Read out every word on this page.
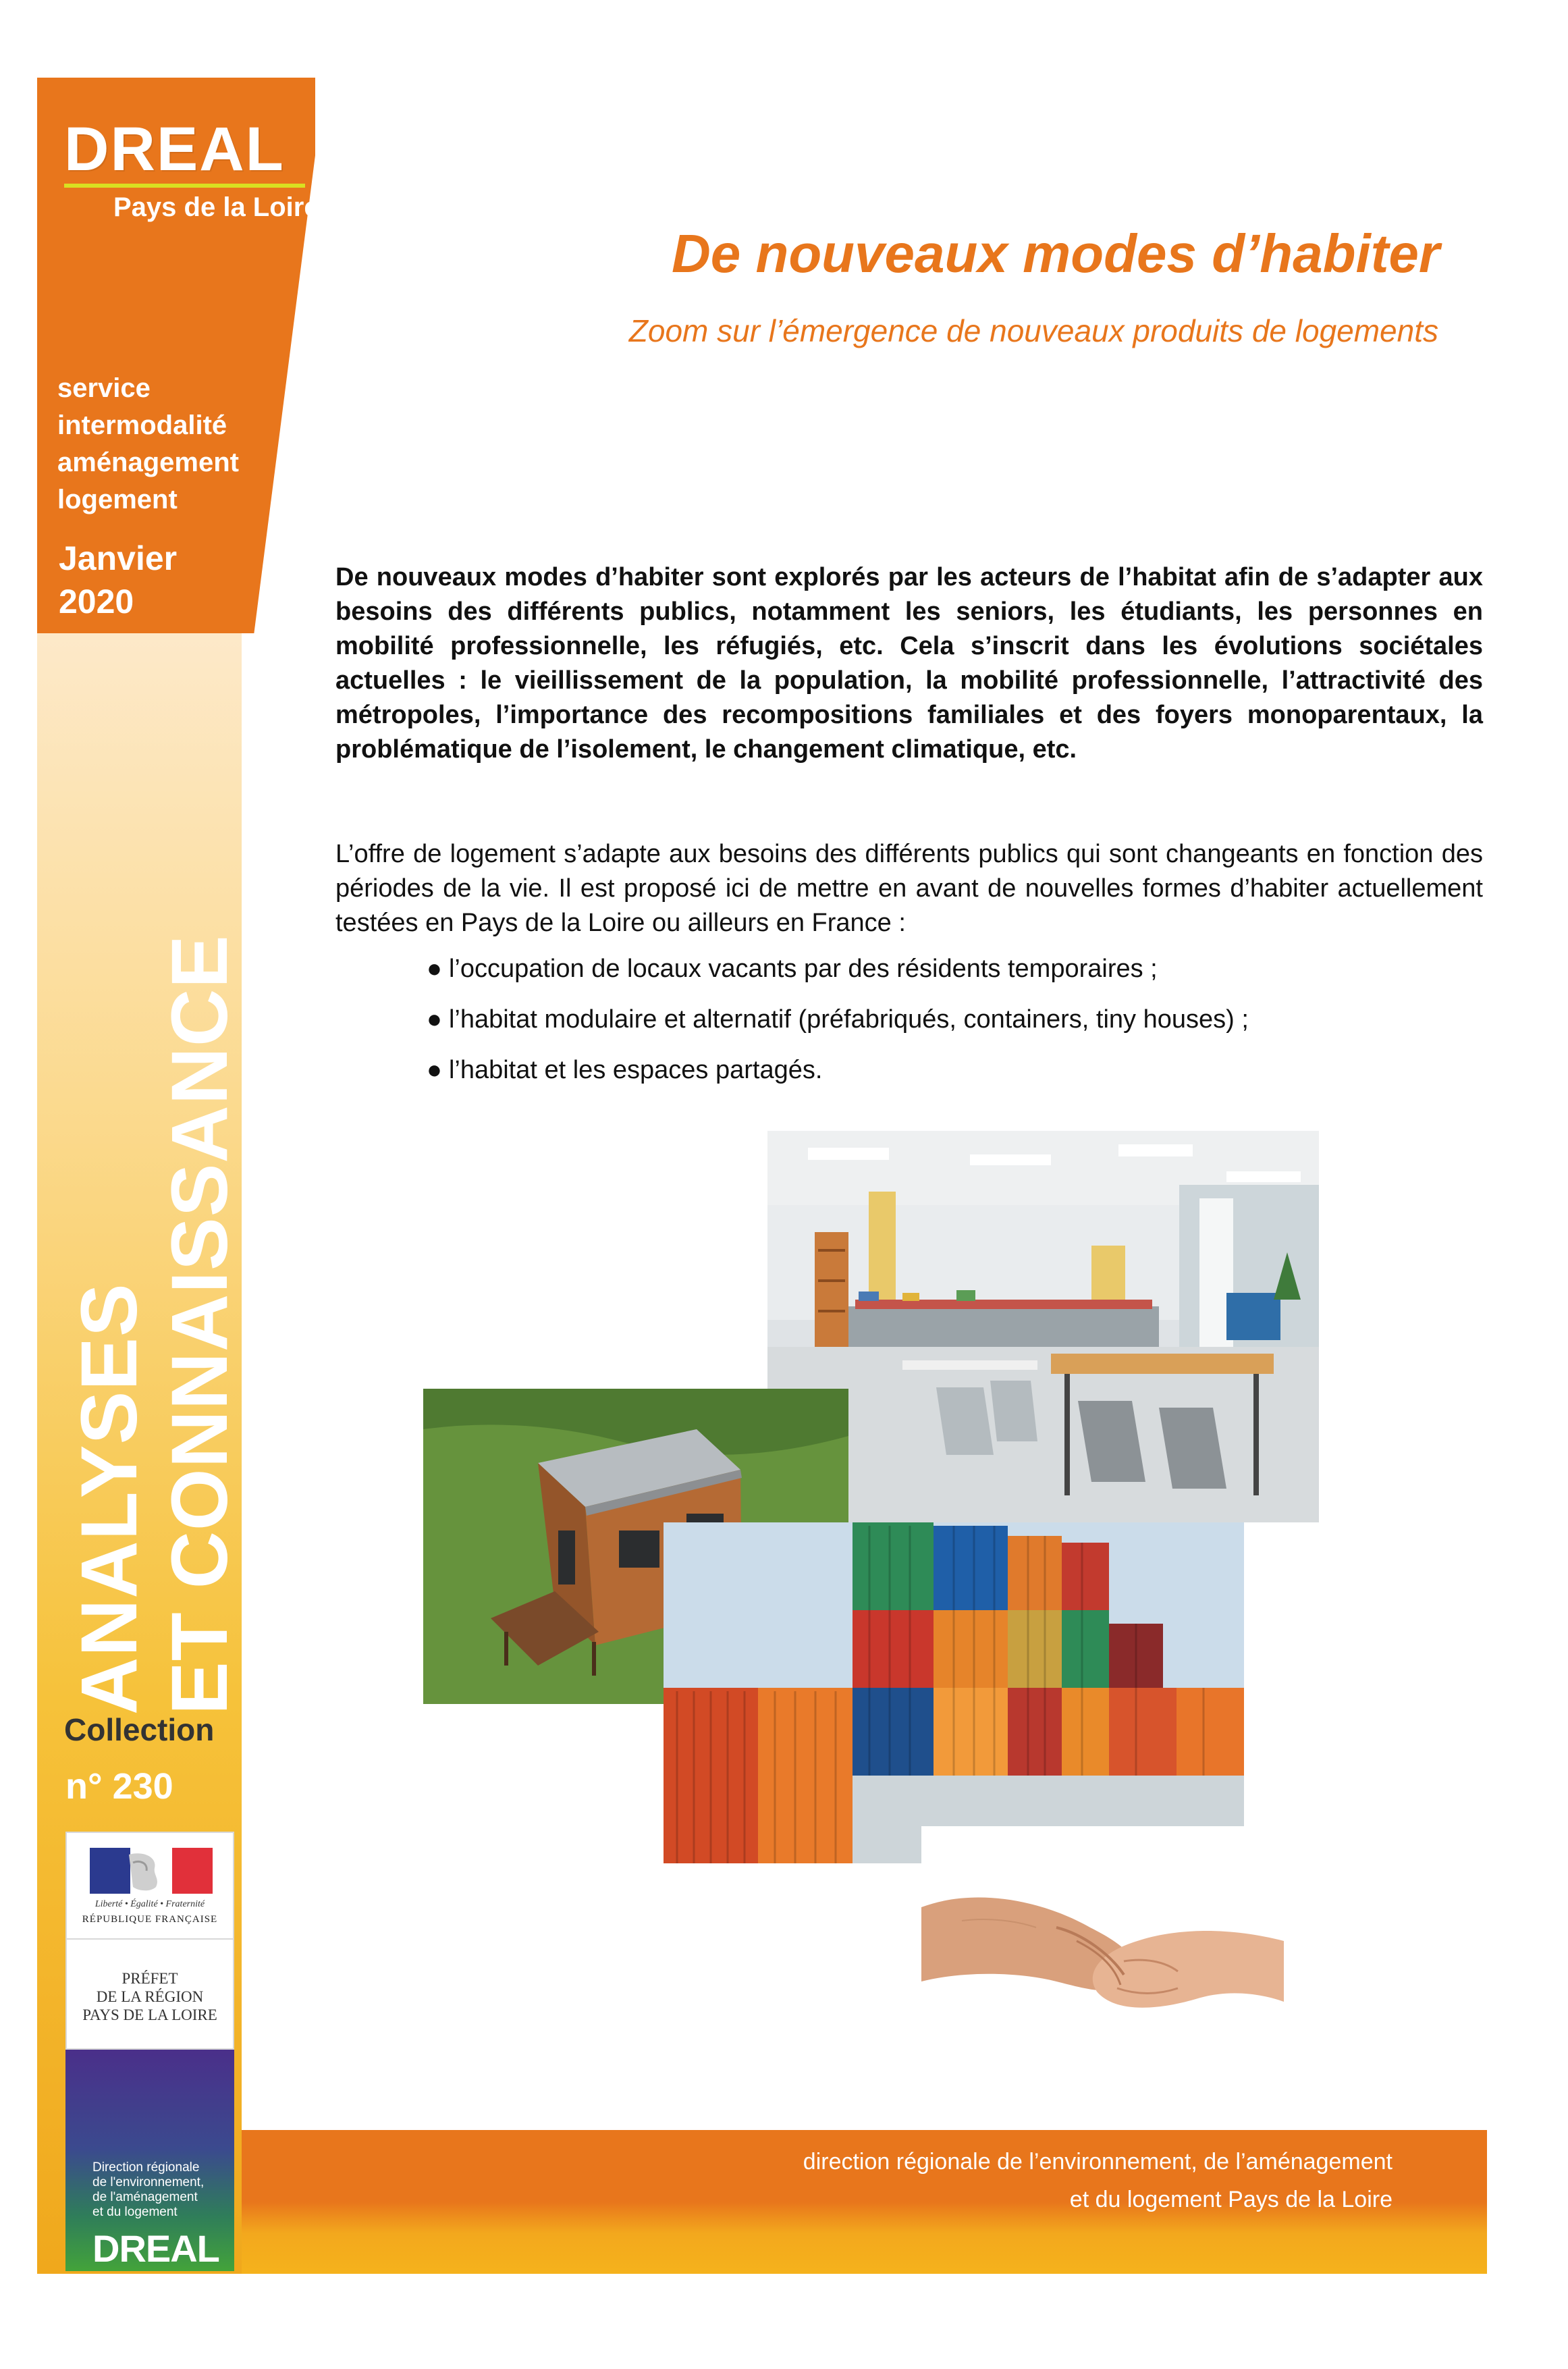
DREAL
Pays de la Loire
service
intermodalité
aménagement
logement
Janvier
2020
ANALYSES ET CONNAISSANCE
Collection
n° 230
Liberté • Égalité • Fraternité
RÉPUBLIQUE FRANÇAISE
PRÉFET
DE LA RÉGION
PAYS DE LA LOIRE
Direction régionale
de l'environnement,
de l'aménagement
et du logement
DREAL
De nouveaux modes d’habiter
Zoom sur l’émergence de nouveaux produits de logements

De nouveaux modes d’habiter sont explorés par les acteurs de l’habitat afin de s’adapter aux besoins des différents publics, notamment les seniors, les étudiants, les personnes en mobilité professionnelle, les réfugiés, etc. Cela s’inscrit dans les évolutions sociétales actuelles : le vieillissement de la population, la mobilité professionnelle, l’attractivité des métropoles, l’importance des recompositions familiales et des foyers monoparentaux, la problématique de l’isolement, le changement climatique, etc.

L’offre de logement s’adapte aux besoins des différents publics qui sont changeants en fonction des périodes de la vie. Il est proposé ici de mettre en avant de nouvelles formes d’habiter actuellement testées en Pays de la Loire ou ailleurs en France :

● l’occupation de locaux vacants par des résidents temporaires ;
● l’habitat modulaire et alternatif (préfabriqués, containers, tiny houses) ;
● l’habitat et les espaces partagés.
direction régionale de l’environnement, de l’aménagement
et du logement Pays de la Loire
